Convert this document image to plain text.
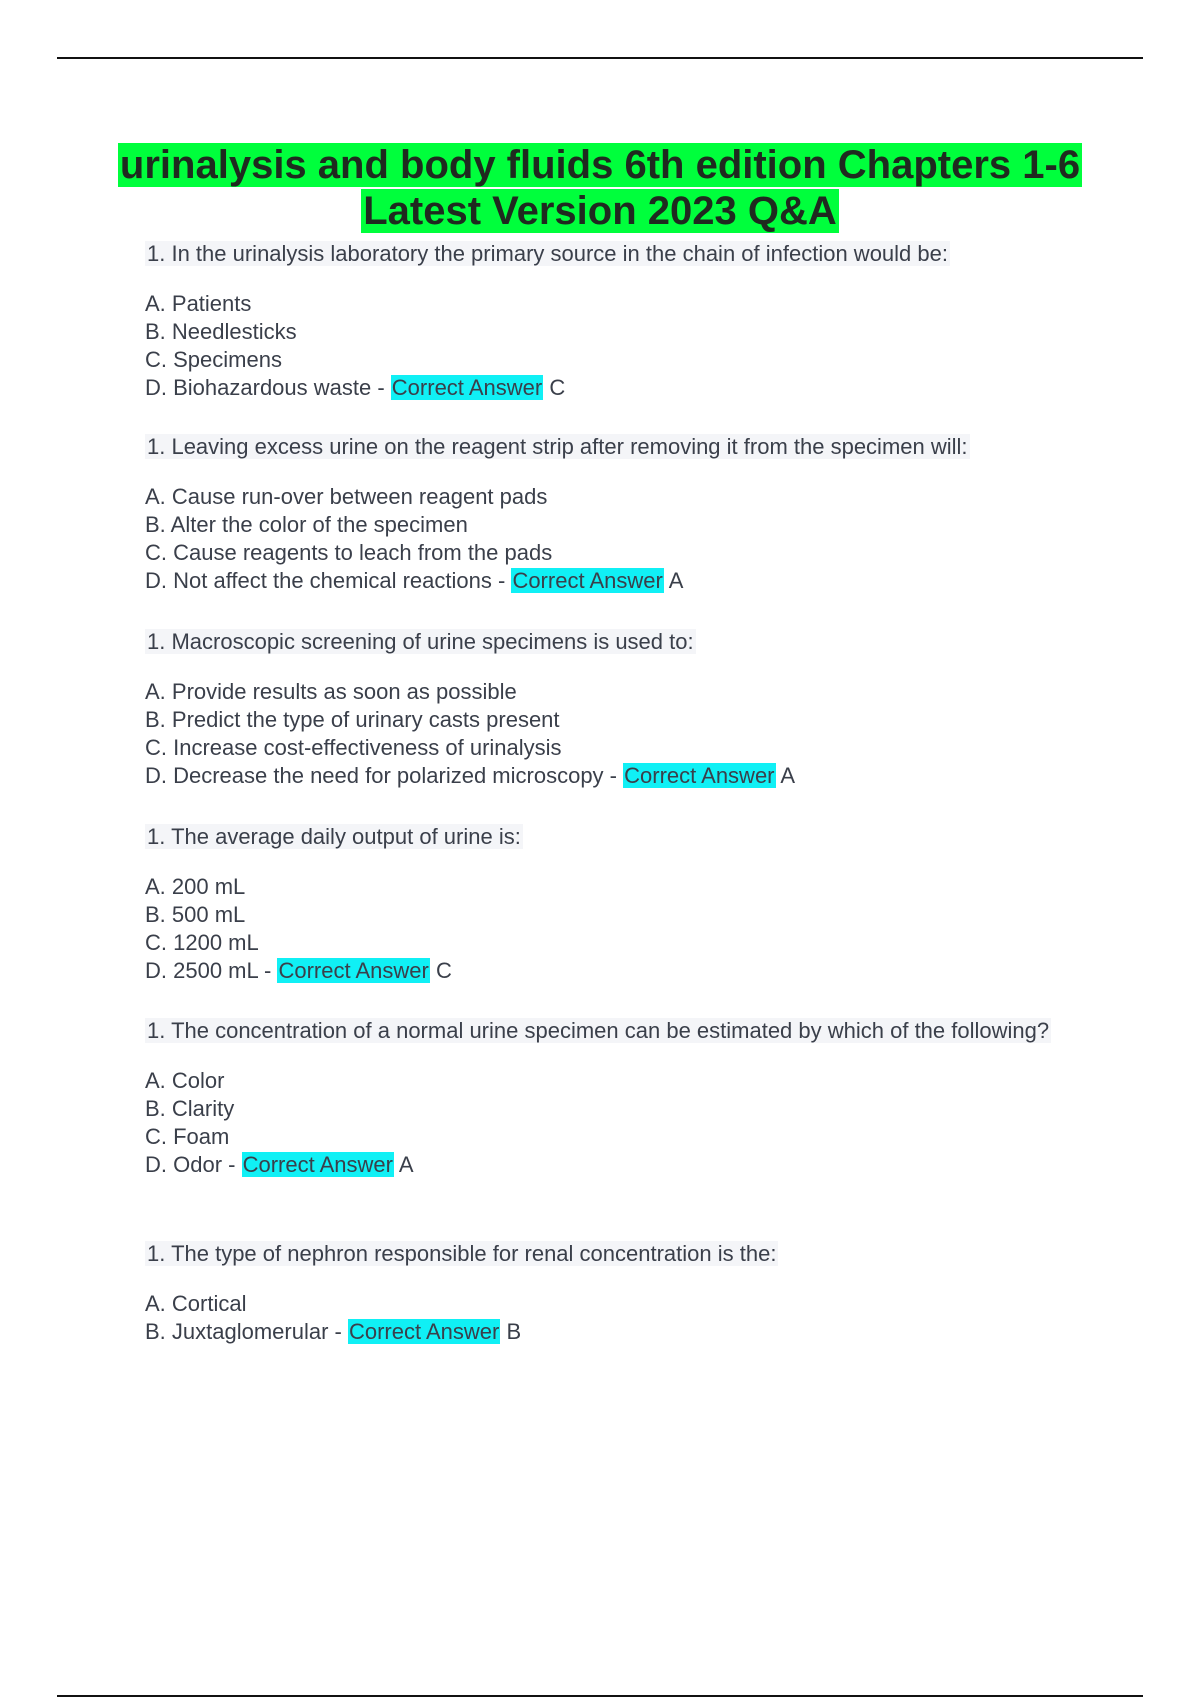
urinalysis and body fluids 6th edition Chapters 1-6 Latest Version 2023 Q&A

1. In the urinalysis laboratory the primary source in the chain of infection would be:

A. Patients

B. Needlesticks

C. Specimens

D. Biohazardous waste - Correct Answer C

1. Leaving excess urine on the reagent strip after removing it from the specimen will:

A. Cause run-over between reagent pads

B. Alter the color of the specimen

C. Cause reagents to leach from the pads

D. Not affect the chemical reactions - Correct Answer A

1. Macroscopic screening of urine specimens is used to:

A. Provide results as soon as possible

B. Predict the type of urinary casts present

C. Increase cost-effectiveness of urinalysis

D. Decrease the need for polarized microscopy - Correct Answer A

1. The average daily output of urine is:

A. 200 mL

B. 500 mL

C. 1200 mL

D. 2500 mL - Correct Answer C

1. The concentration of a normal urine specimen can be estimated by which of the following?

A. Color

B. Clarity

C. Foam

D. Odor - Correct Answer A

1. The type of nephron responsible for renal concentration is the:

A. Cortical

B. Juxtaglomerular - Correct Answer B
